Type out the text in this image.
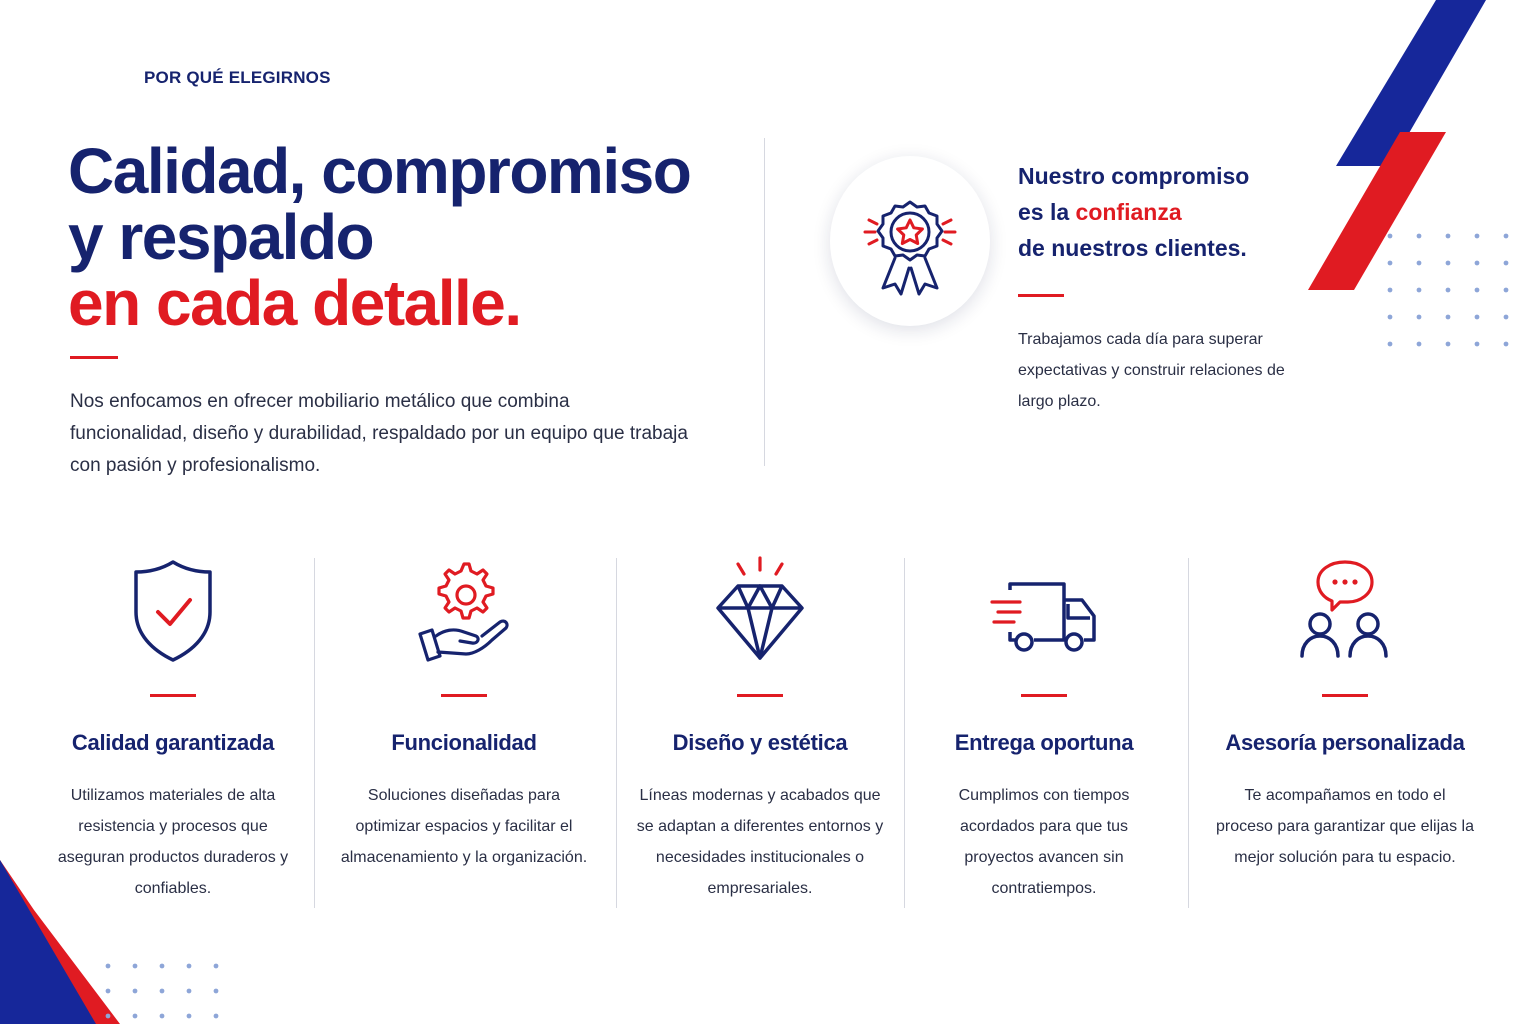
POR QUÉ ELEGIRNOS
Calidad, compromiso
y respaldo
en cada detalle.

Nos enfocamos en ofrecer mobiliario metálico que combina funcionalidad, diseño y durabilidad, respaldado por un equipo que trabaja con pasión y profesionalismo.

Nuestro compromiso
es la confianza
de nuestros clientes.

Trabajamos cada día para superar expectativas y construir relaciones de largo plazo.

Calidad garantizada
Utilizamos materiales de alta resistencia y procesos que aseguran productos duraderos y confiables.
Funcionalidad
Soluciones diseñadas para optimizar espacios y facilitar el almacenamiento y la organización.
Diseño y estética
Líneas modernas y acabados que se adaptan a diferentes entornos y necesidades institucionales o empresariales.
Entrega oportuna
Cumplimos con tiempos acordados para que tus proyectos avancen sin contratiempos.
Asesoría personalizada
Te acompañamos en todo el proceso para garantizar que elijas la mejor solución para tu espacio.
